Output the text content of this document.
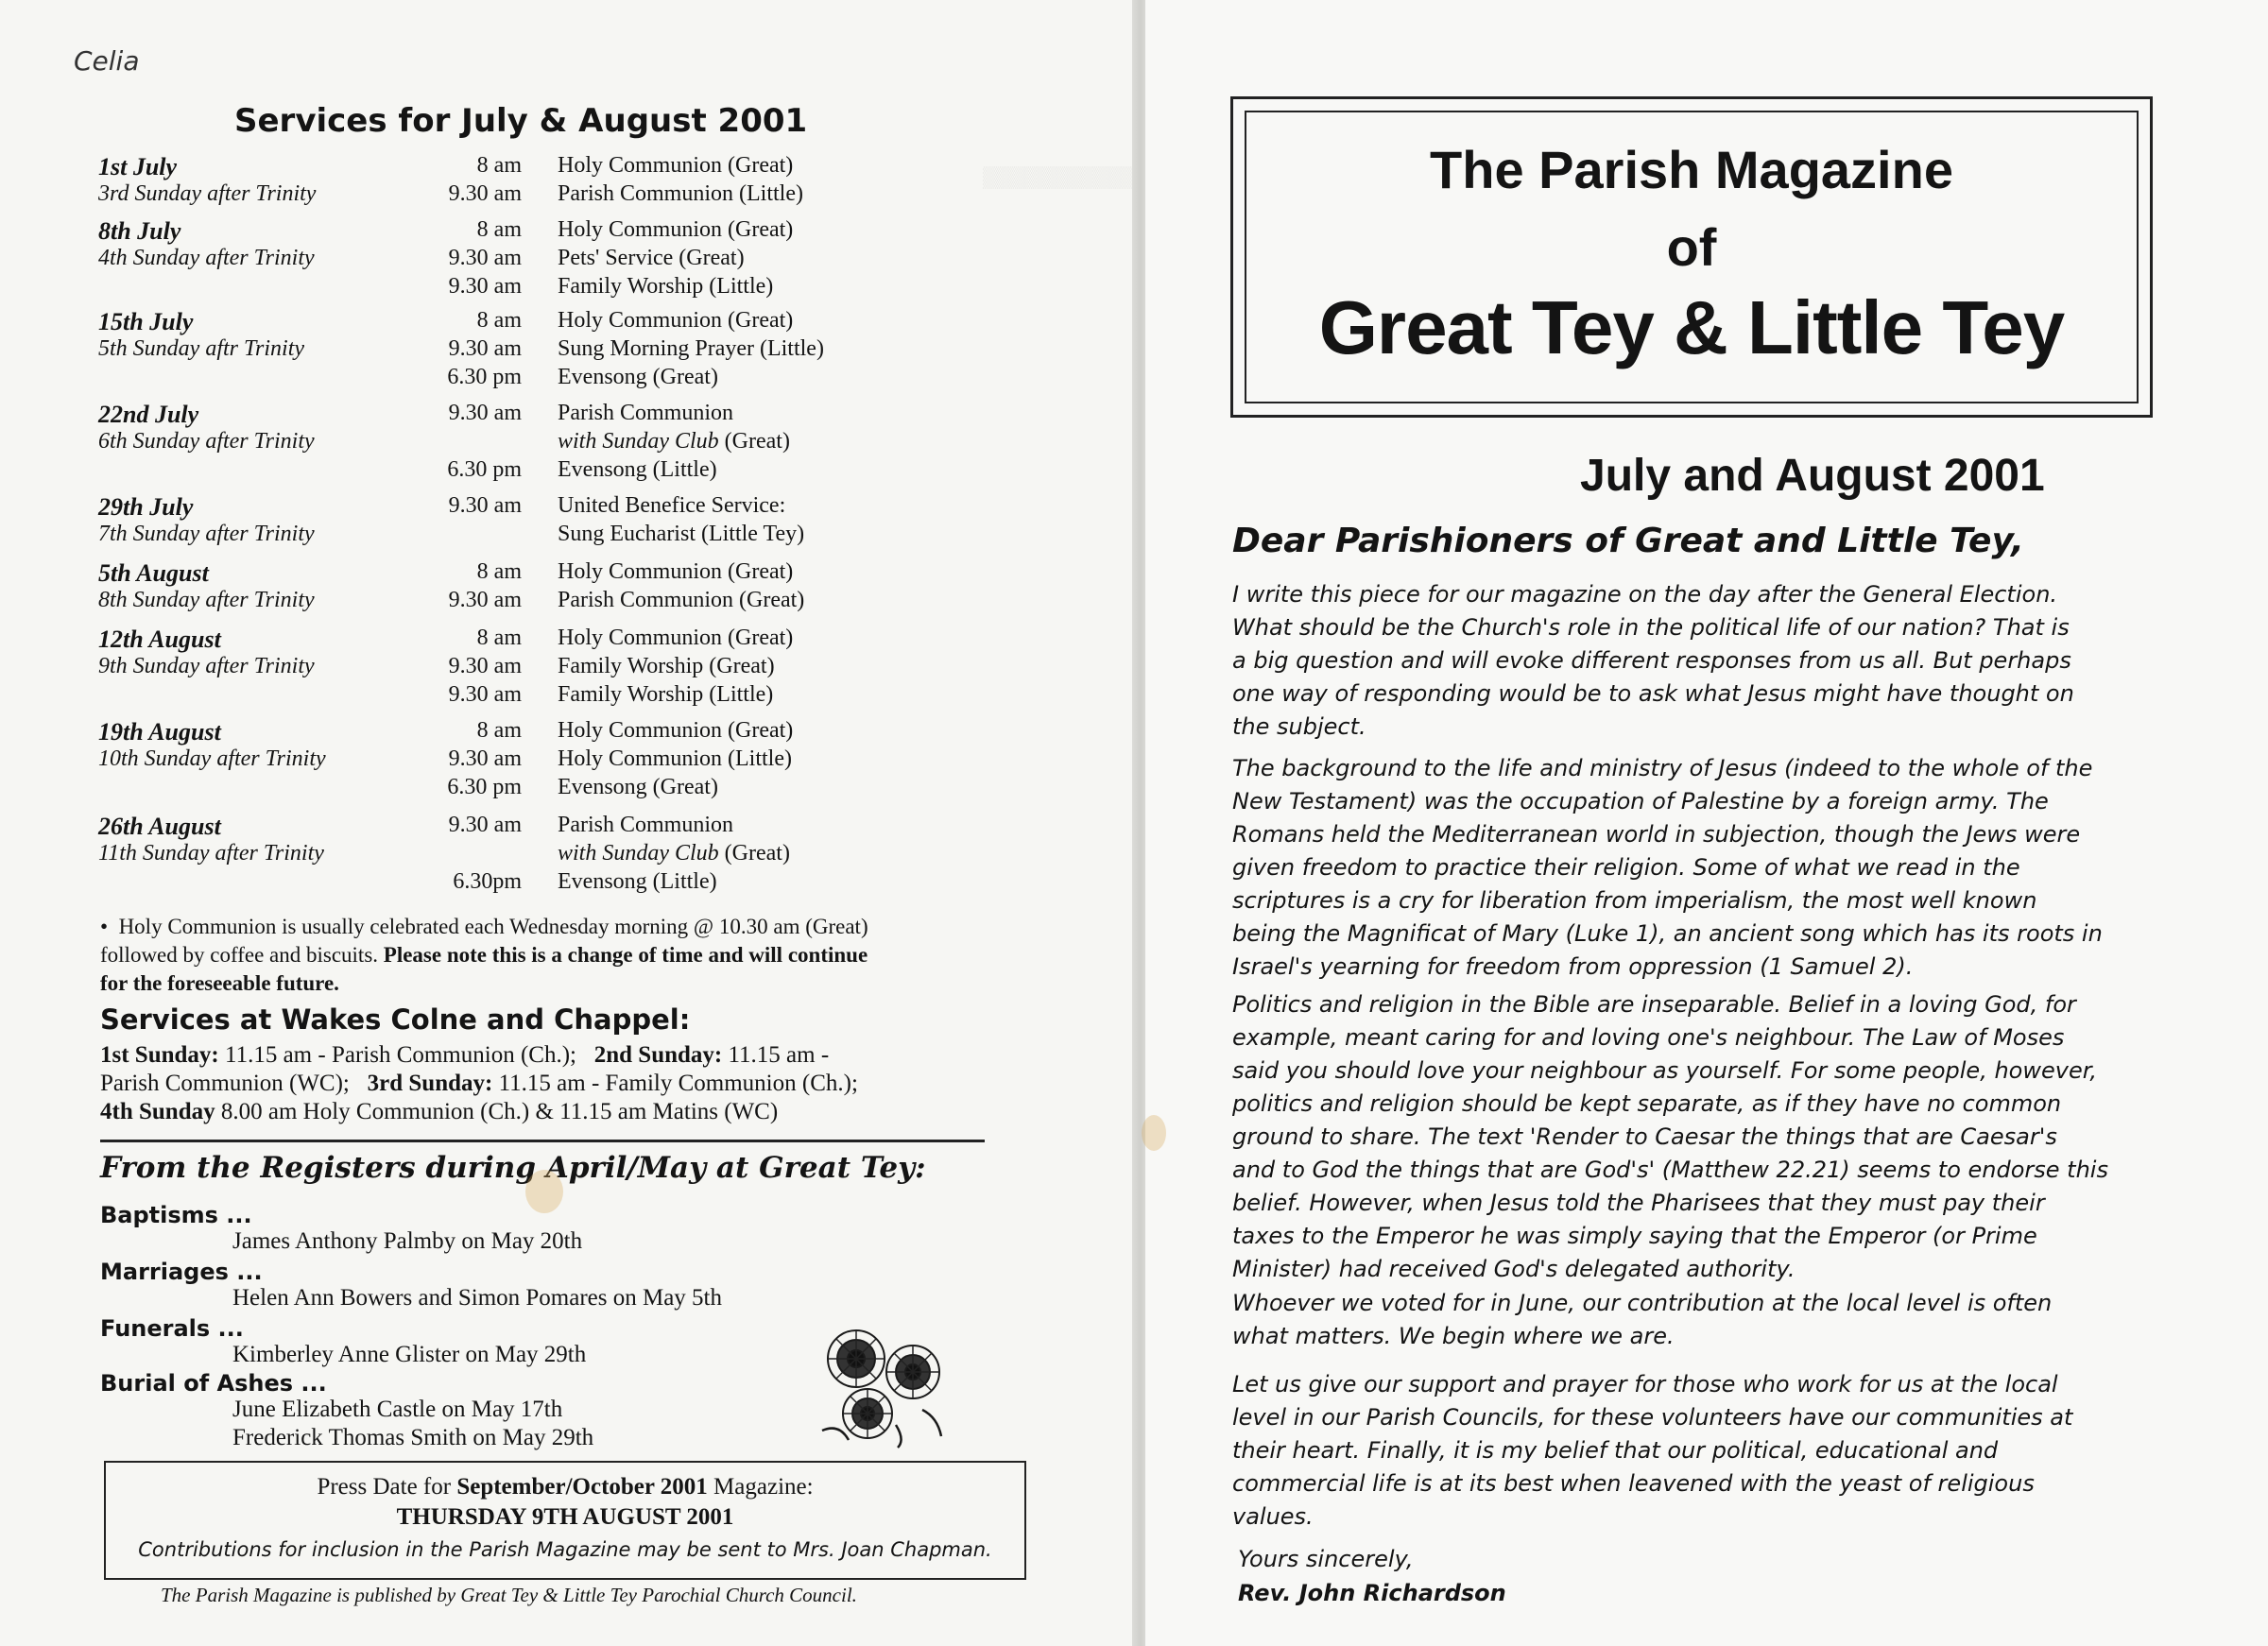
▒▒▒▒▒▒▒▒▒▒▒▒▒
Celia
Services for July & August 2001
1st July
3rd Sunday after Trinity
8 am Holy Communion (Great)
9.30 am Parish Communion (Little)
8th July
4th Sunday after Trinity
8 am Holy Communion (Great)
9.30 am Pets' Service (Great)
9.30 am Family Worship (Little)
15th July
5th Sunday aftr Trinity
8 am Holy Communion (Great)
9.30 am Sung Morning Prayer (Little)
6.30 pm Evensong (Great)
22nd July
6th Sunday after Trinity
9.30 am Parish Communion
with Sunday Club (Great)
6.30 pm Evensong (Little)
29th July
7th Sunday after Trinity
9.30 am United Benefice Service:
Sung Eucharist (Little Tey)
5th August
8th Sunday after Trinity
8 am Holy Communion (Great)
9.30 am Parish Communion (Great)
12th August
9th Sunday after Trinity
8 am Holy Communion (Great)
9.30 am Family Worship (Great)
9.30 am Family Worship (Little)
19th August
10th Sunday after Trinity
8 am Holy Communion (Great)
9.30 am Holy Communion (Little)
6.30 pm Evensong (Great)
26th August
11th Sunday after Trinity
9.30 am Parish Communion
with Sunday Club (Great)
6.30pm Evensong (Little)
• Holy Communion is usually celebrated each Wednesday morning @ 10.30 am (Great)
followed by coffee and biscuits. Please note this is a change of time and will continue
for the foreseeable future.
Services at Wakes Colne and Chappel:
1st Sunday: 11.15 am - Parish Communion (Ch.); 2nd Sunday: 11.15 am -
Parish Communion (WC); 3rd Sunday: 11.15 am - Family Communion (Ch.);
4th Sunday 8.00 am Holy Communion (Ch.) & 11.15 am Matins (WC)
From the Registers during April/May at Great Tey:
Baptisms ...
James Anthony Palmby on May 20th
Marriages ...
Helen Ann Bowers and Simon Pomares on May 5th
Funerals ...
Kimberley Anne Glister on May 29th
Burial of Ashes ...
June Elizabeth Castle on May 17th
Frederick Thomas Smith on May 29th
Press Date for September/October 2001 Magazine:
THURSDAY 9TH AUGUST 2001
Contributions for inclusion in the Parish Magazine may be sent to Mrs. Joan Chapman.
The Parish Magazine is published by Great Tey & Little Tey Parochial Church Council.
The Parish Magazine
of
Great Tey & Little Tey
July and August 2001
Dear Parishioners of Great and Little Tey,
I write this piece for our magazine on the day after the General Election.
What should be the Church's role in the political life of our nation? That is
a big question and will evoke different responses from us all. But perhaps
one way of responding would be to ask what Jesus might have thought on
the subject.
The background to the life and ministry of Jesus (indeed to the whole of the
New Testament) was the occupation of Palestine by a foreign army. The
Romans held the Mediterranean world in subjection, though the Jews were
given freedom to practice their religion. Some of what we read in the
scriptures is a cry for liberation from imperialism, the most well known
being the Magnificat of Mary (Luke 1), an ancient song which has its roots in
Israel's yearning for freedom from oppression (1 Samuel 2).
Politics and religion in the Bible are inseparable. Belief in a loving God, for
example, meant caring for and loving one's neighbour. The Law of Moses
said you should love your neighbour as yourself. For some people, however,
politics and religion should be kept separate, as if they have no common
ground to share. The text 'Render to Caesar the things that are Caesar's
and to God the things that are God's' (Matthew 22.21) seems to endorse this
belief. However, when Jesus told the Pharisees that they must pay their
taxes to the Emperor he was simply saying that the Emperor (or Prime
Minister) had received God's delegated authority.
Whoever we voted for in June, our contribution at the local level is often
what matters. We begin where we are.
Let us give our support and prayer for those who work for us at the local
level in our Parish Councils, for these volunteers have our communities at
their heart. Finally, it is my belief that our political, educational and
commercial life is at its best when leavened with the yeast of religious
values.
Yours sincerely,
Rev. John Richardson
